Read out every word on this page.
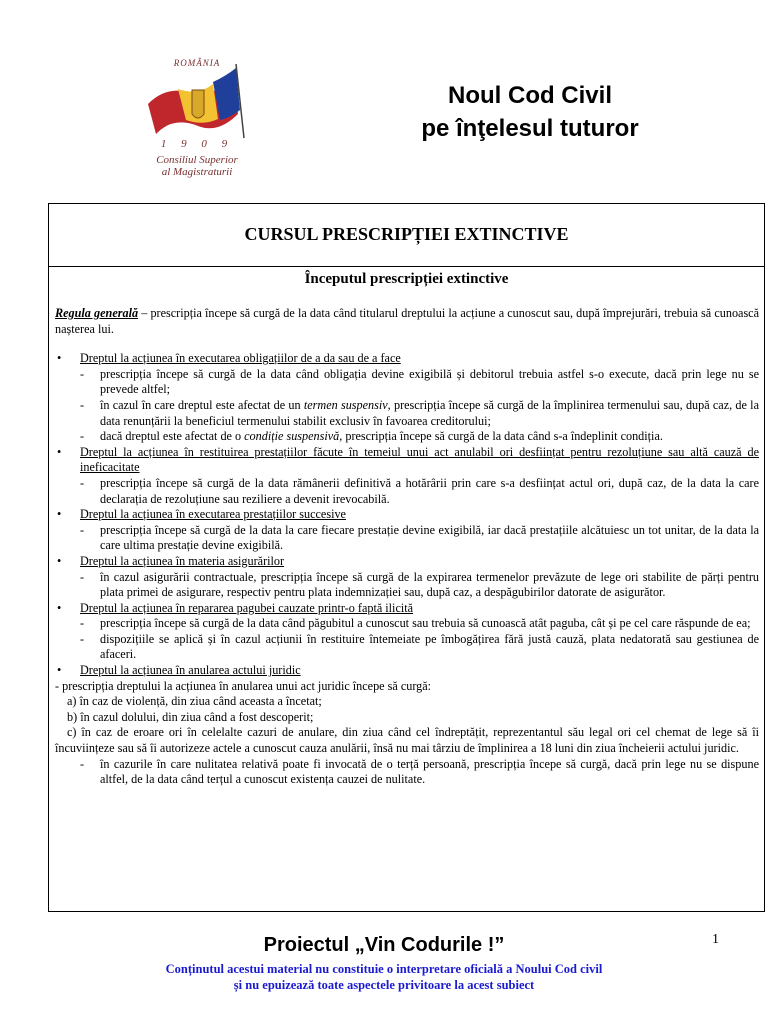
ROMÂNIA
1 9 0 9
Consiliul Superior
al Magistraturii
Noul Cod Civil
pe înţelesul tuturor
CURSUL PRESCRIPȚIEI EXTINCTIVE
Începutul prescripției extinctive

Regula generală – prescripția începe să curgă de la data când titularul dreptului la acțiune a cunoscut sau, după împrejurări, trebuia să cunoască nașterea lui.

• Dreptul la acțiunea în executarea obligațiilor de a da sau de a face

- prescripția începe să curgă de la data când obligația devine exigibilă și debitorul trebuia astfel s-o execute, dacă prin lege nu se prevede altfel;

- în cazul în care dreptul este afectat de un termen suspensiv, prescripția începe să curgă de la împlinirea termenului sau, după caz, de la data renunțării la beneficiul termenului stabilit exclusiv în favoarea creditorului;

- dacă dreptul este afectat de o condiție suspensivă, prescripția începe să curgă de la data când s-a îndeplinit condiția.

• Dreptul la acțiunea în restituirea prestațiilor făcute în temeiul unui act anulabil ori desființat pentru rezoluțiune sau altă cauză de ineficacitate

- prescripția începe să curgă de la data rămânerii definitivă a hotărârii prin care s-a desființat actul ori, după caz, de la data la care declarația de rezoluțiune sau reziliere a devenit irevocabilă.

• Dreptul la acțiunea în executarea prestațiilor succesive

- prescripția începe să curgă de la data la care fiecare prestație devine exigibilă, iar dacă prestațiile alcătuiesc un tot unitar, de la data la care ultima prestație devine exigibilă.

• Dreptul la acțiunea în materia asigurărilor

- în cazul asigurării contractuale, prescripția începe să curgă de la expirarea termenelor prevăzute de lege ori stabilite de părți pentru plata primei de asigurare, respectiv pentru plata indemnizației sau, după caz, a despăgubirilor datorate de asigurător.

• Dreptul la acțiunea în repararea pagubei cauzate printr-o faptă ilicită

- prescripția începe să curgă de la data când păgubitul a cunoscut sau trebuia să cunoască atât paguba, cât și pe cel care răspunde de ea;

- dispozițiile se aplică și în cazul acțiunii în restituire întemeiate pe îmbogățirea fără justă cauză, plata nedatorată sau gestiunea de afaceri.

• Dreptul la acțiunea în anularea actului juridic

- prescripția dreptului la acțiunea în anularea unui act juridic începe să curgă:

a) în caz de violență, din ziua când aceasta a încetat;

b) în cazul dolului, din ziua când a fost descoperit;

c) în caz de eroare ori în celelalte cazuri de anulare, din ziua când cel îndreptățit, reprezentantul său legal ori cel chemat de lege să îi încuviințeze sau să îi autorizeze actele a cunoscut cauza anulării, însă nu mai târziu de împlinirea a 18 luni din ziua încheierii actului juridic.

- în cazurile în care nulitatea relativă poate fi invocată de o terță persoană, prescripția începe să curgă, dacă prin lege nu se dispune altfel, de la data când terțul a cunoscut existența cauzei de nulitate.

Proiectul „Vin Codurile !”	1
Conținutul acestui material nu constituie o interpretare oficială a Noului Cod civil
și nu epuizează toate aspectele privitoare la acest subiect
